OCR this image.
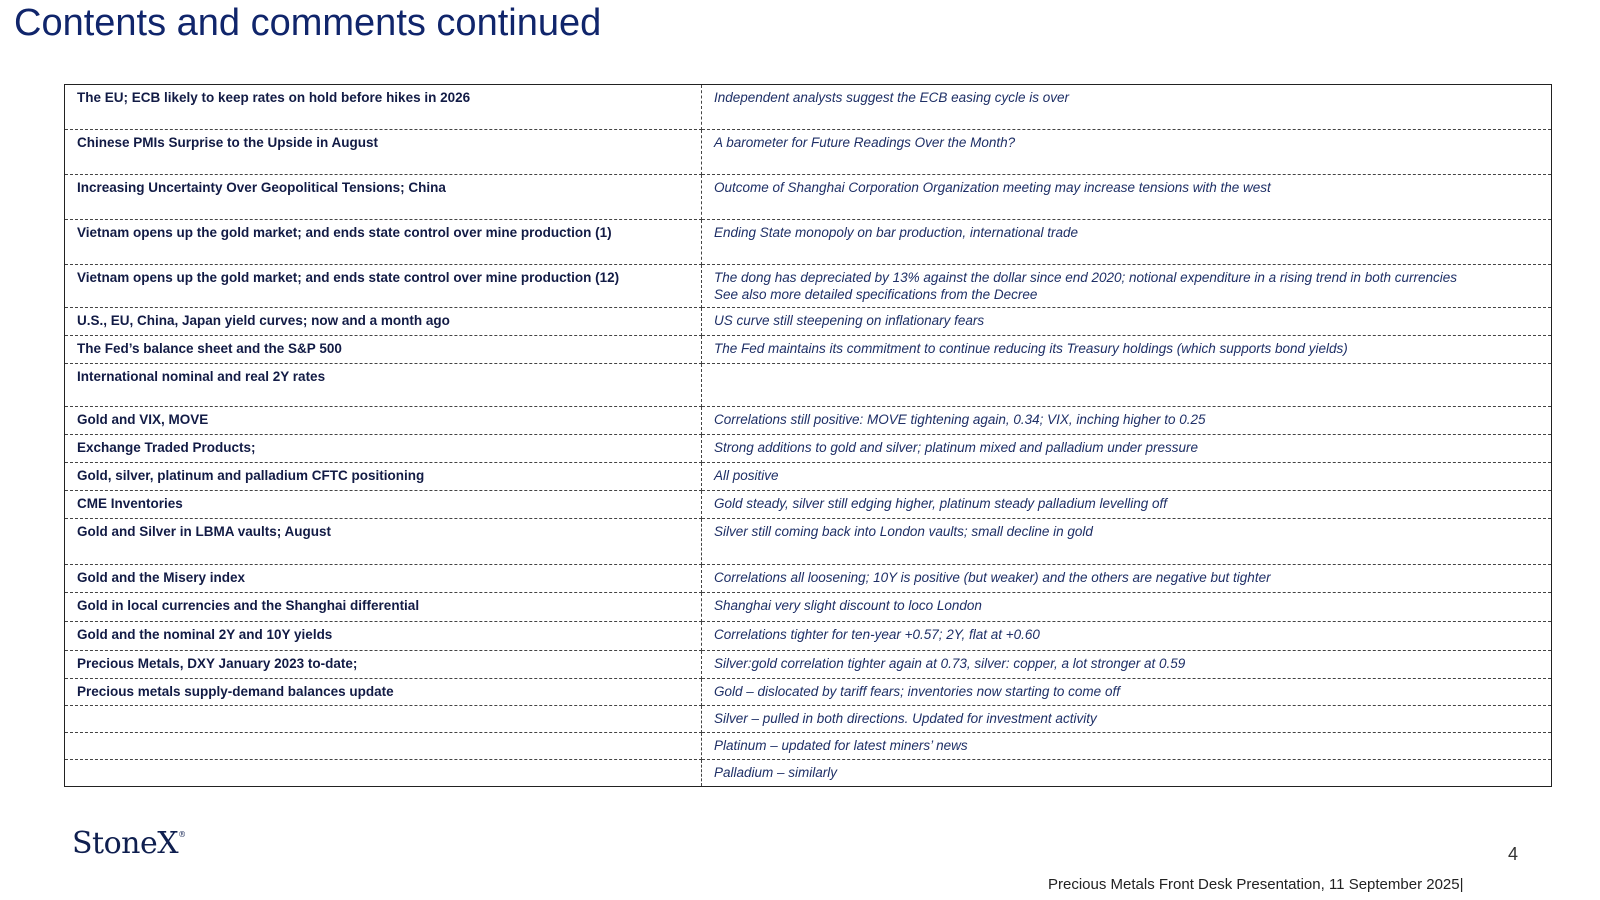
Contents and comments continued
The EU; ECB likely to keep rates on hold before hikes in 2026	Independent analysts suggest the ECB easing cycle is over

Chinese PMIs Surprise to the Upside in August	A barometer for Future Readings Over the Month?

Increasing Uncertainty Over Geopolitical Tensions; China	Outcome of Shanghai Corporation Organization meeting may increase tensions with the west

Vietnam opens up the gold market; and ends state control over mine production (1)	Ending State monopoly on bar production, international trade

Vietnam opens up the gold market; and ends state control over mine production (12)	The dong has depreciated by 13% against the dollar since end 2020; notional expenditure in a rising trend in both currencies
See also more detailed specifications from the Decree

U.S., EU, China, Japan yield curves; now and a month ago	US curve still steepening on inflationary fears

The Fed’s balance sheet and the S&P 500	The Fed maintains its commitment to continue reducing its Treasury holdings (which supports bond yields)

International nominal and real 2Y rates	

Gold and VIX, MOVE	Correlations still positive: MOVE tightening again, 0.34; VIX, inching higher to 0.25

Exchange Traded Products;	Strong additions to gold and silver; platinum mixed and palladium under pressure

Gold, silver, platinum and palladium CFTC positioning	All positive

CME Inventories	Gold steady, silver still edging higher, platinum steady palladium levelling off

Gold and Silver in LBMA vaults; August	Silver still coming back into London vaults; small decline in gold

Gold and the Misery index	Correlations all loosening; 10Y is positive (but weaker) and the others are negative but tighter

Gold in local currencies and the Shanghai differential	Shanghai very slight discount to loco London

Gold and the nominal 2Y and 10Y yields	Correlations tighter for ten-year +0.57; 2Y, flat at +0.60

Precious Metals, DXY January 2023 to-date;	Silver:gold correlation tighter again at 0.73, silver: copper, a lot stronger at 0.59

Precious metals supply-demand balances update	Gold – dislocated by tariff fears; inventories now starting to come off

	Silver – pulled in both directions. Updated for investment activity

	Platinum – updated for latest miners’ news

	Palladium – similarly
StoneX®
4
Precious Metals Front Desk Presentation, 11 September 2025|
